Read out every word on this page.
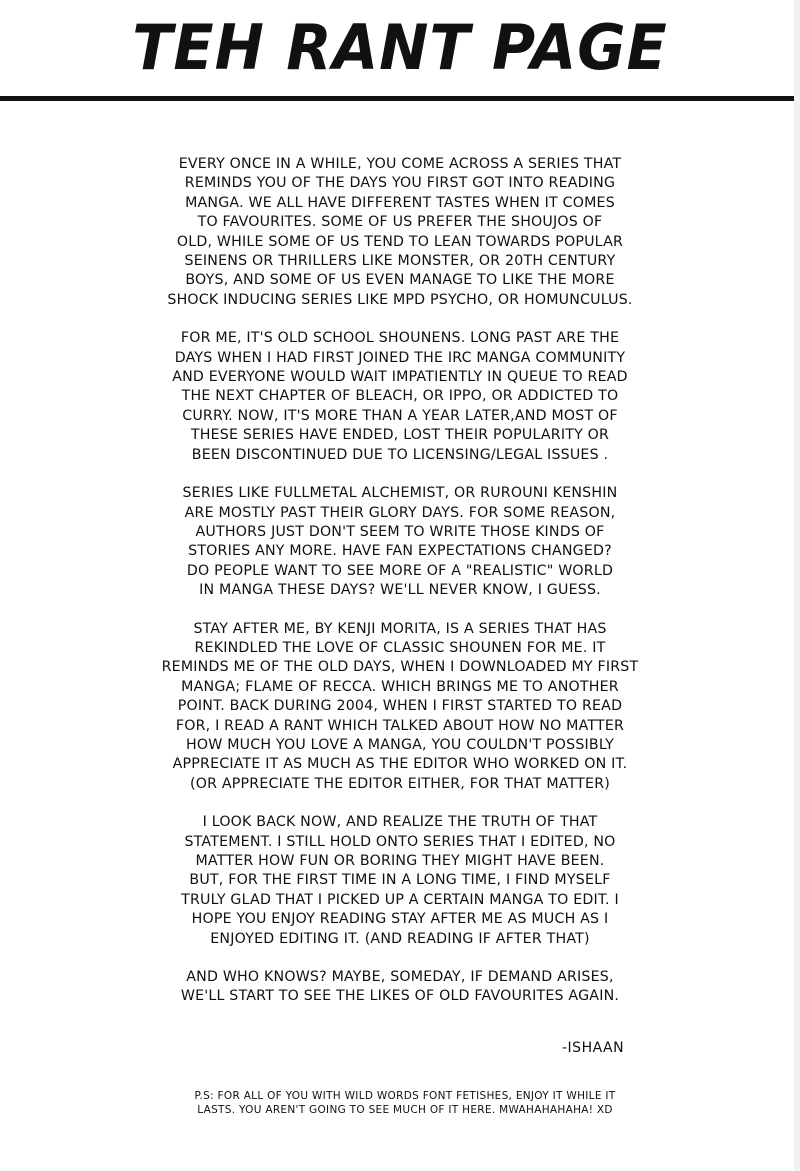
TEH RANT PAGE

EVERY ONCE IN A WHILE, YOU COME ACROSS A SERIES THAT
REMINDS YOU OF THE DAYS YOU FIRST GOT INTO READING
MANGA. WE ALL HAVE DIFFERENT TASTES WHEN IT COMES
TO FAVOURITES. SOME OF US PREFER THE SHOUJOS OF
OLD, WHILE SOME OF US TEND TO LEAN TOWARDS POPULAR
SEINENS OR THRILLERS LIKE MONSTER, OR 20TH CENTURY
BOYS, AND SOME OF US EVEN MANAGE TO LIKE THE MORE
SHOCK INDUCING SERIES LIKE MPD PSYCHO, OR HOMUNCULUS.

FOR ME, IT'S OLD SCHOOL SHOUNENS. LONG PAST ARE THE
DAYS WHEN I HAD FIRST JOINED THE IRC MANGA COMMUNITY
AND EVERYONE WOULD WAIT IMPATIENTLY IN QUEUE TO READ
THE NEXT CHAPTER OF BLEACH, OR IPPO, OR ADDICTED TO
CURRY. NOW, IT'S MORE THAN A YEAR LATER,AND MOST OF
THESE SERIES HAVE ENDED, LOST THEIR POPULARITY OR
BEEN DISCONTINUED DUE TO LICENSING/LEGAL ISSUES .

SERIES LIKE FULLMETAL ALCHEMIST, OR RUROUNI KENSHIN
ARE MOSTLY PAST THEIR GLORY DAYS. FOR SOME REASON,
AUTHORS JUST DON'T SEEM TO WRITE THOSE KINDS OF
STORIES ANY MORE. HAVE FAN EXPECTATIONS CHANGED?
DO PEOPLE WANT TO SEE MORE OF A "REALISTIC" WORLD
IN MANGA THESE DAYS? WE'LL NEVER KNOW, I GUESS.

STAY AFTER ME, BY KENJI MORITA, IS A SERIES THAT HAS
REKINDLED THE LOVE OF CLASSIC SHOUNEN FOR ME. IT
REMINDS ME OF THE OLD DAYS, WHEN I DOWNLOADED MY FIRST
MANGA; FLAME OF RECCA. WHICH BRINGS ME TO ANOTHER
POINT. BACK DURING 2004, WHEN I FIRST STARTED TO READ
FOR, I READ A RANT WHICH TALKED ABOUT HOW NO MATTER
HOW MUCH YOU LOVE A MANGA, YOU COULDN'T POSSIBLY
APPRECIATE IT AS MUCH AS THE EDITOR WHO WORKED ON IT.
(OR APPRECIATE THE EDITOR EITHER, FOR THAT MATTER)

I LOOK BACK NOW, AND REALIZE THE TRUTH OF THAT
STATEMENT. I STILL HOLD ONTO SERIES THAT I EDITED, NO
MATTER HOW FUN OR BORING THEY MIGHT HAVE BEEN.
BUT, FOR THE FIRST TIME IN A LONG TIME, I FIND MYSELF
TRULY GLAD THAT I PICKED UP A CERTAIN MANGA TO EDIT. I
HOPE YOU ENJOY READING STAY AFTER ME AS MUCH AS I
ENJOYED EDITING IT. (AND READING IF AFTER THAT)

AND WHO KNOWS? MAYBE, SOMEDAY, IF DEMAND ARISES,
WE'LL START TO SEE THE LIKES OF OLD FAVOURITES AGAIN.

-ISHAAN
P.S: FOR ALL OF YOU WITH WILD WORDS FONT FETISHES, ENJOY IT WHILE IT
LASTS. YOU AREN'T GOING TO SEE MUCH OF IT HERE. MWAHAHAHAHA! XD
